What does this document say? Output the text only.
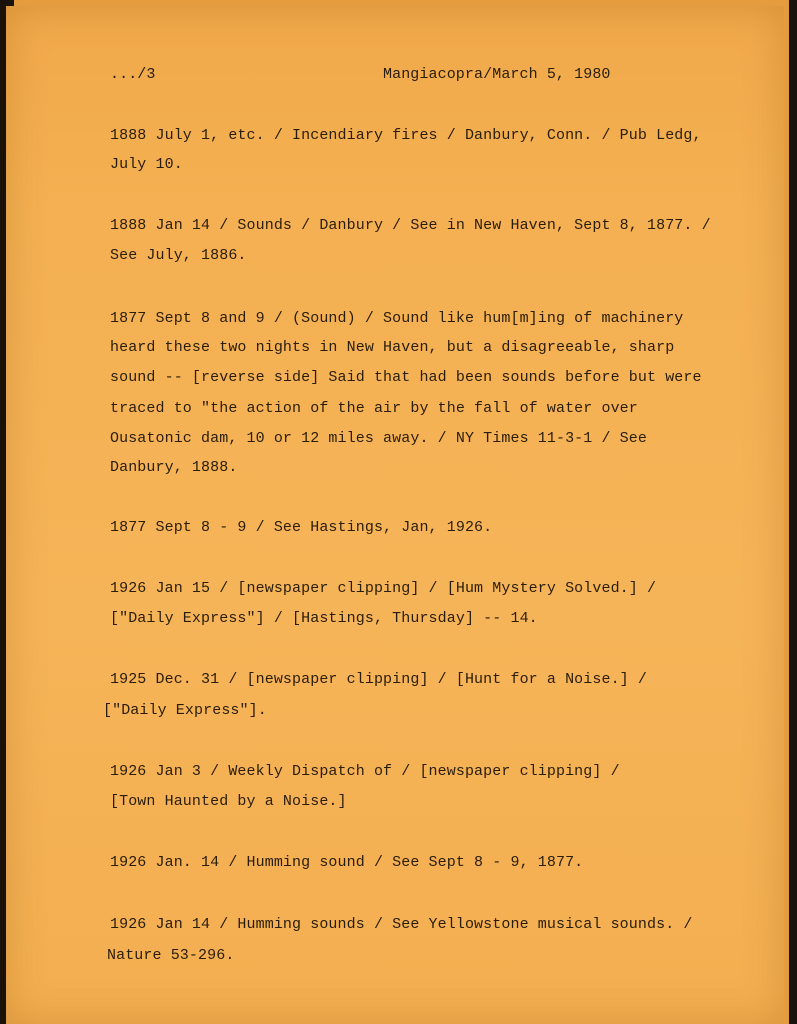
.../3	Mangiacopra/March 5, 1980
1888 July 1, etc. / Incendiary fires / Danbury, Conn. / Pub Ledg,
July 10.
1888 Jan 14 / Sounds / Danbury / See in New Haven, Sept 8, 1877. /
See July, 1886.
1877 Sept 8 and 9 / (Sound) / Sound like hum[m]ing of machinery
heard these two nights in New Haven, but a disagreeable, sharp
sound -- [reverse side] Said that had been sounds before but were
traced to "the action of the air by the fall of water over
Ousatonic dam, 10 or 12 miles away. / NY Times 11-3-1 / See
Danbury, 1888.
1877 Sept 8 - 9 / See Hastings, Jan, 1926.
1926 Jan 15 / [newspaper clipping] / [Hum Mystery Solved.] /
["Daily Express"] / [Hastings, Thursday] -- 14.
1925 Dec. 31 / [newspaper clipping] / [Hunt for a Noise.] /
["Daily Express"].
1926 Jan 3 / Weekly Dispatch of / [newspaper clipping] /
[Town Haunted by a Noise.]
1926 Jan. 14 / Humming sound / See Sept 8 - 9, 1877.
1926 Jan 14 / Humming sounds / See Yellowstone musical sounds. /
Nature 53-296.
